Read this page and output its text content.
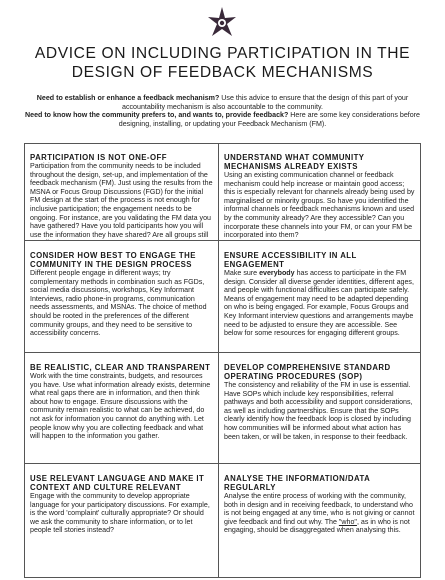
ADVICE ON INCLUDING PARTICIPATION IN THE
DESIGN OF FEEDBACK MECHANISMS

Need to establish or enhance a feedback mechanism? Use this advice to ensure that the design of this part of your accountability mechanism is also accountable to the community.

Need to know how the community prefers to, and wants to, provide feedback? Here are some key considerations before designing, installing, or updating your Feedback Mechanism (FM).

PARTICIPATION IS NOT ONE-OFF

Participation from the community needs to be included throughout the design, set-up, and implementation of the feedback mechanism (FM). Just using the results from the MSNA or Focus Group Discussions (FGD) for the initial FM design at the start of the process is not enough for inclusive participation; the engagement needs to be ongoing. For instance, are you validating the FM data you have gathered? Have you told participants how you will use the information they have shared? Are all groups still

UNDERSTAND WHAT COMMUNITY MECHANISMS ALREADY EXISTS

Using an existing communication channel or feedback mechanism could help increase or maintain good access; this is especially relevant for channels already being used by marginalised or minority groups. So have you identified the informal channels or feedback mechanisms known and used by the community already? Are they accessible? Can you incorporate these channels into your FM, or can your FM be incorporated into them?

CONSIDER HOW BEST TO ENGAGE THE COMMUNITY IN THE DESIGN PROCESS

Different people engage in different ways; try complementary methods in combination such as FGDs, social media discussions, workshops, Key Informant Interviews, radio phone-in programs, communication needs assessments, and MSNAs. The choice of method should be rooted in the preferences of the different community groups, and they need to be sensitive to accessibility concerns.

ENSURE ACCESSIBILITY IN ALL ENGAGEMENT

Make sure everybody has access to participate in the FM design. Consider all diverse gender identities, different ages, and people with functional difficulties can participate safely. Means of engagement may need to be adapted depending on who is being engaged. For example, Focus Groups and Key Informant interview questions and arrangements maybe need to be adjusted to ensure they are accessible. See below for some resources for engaging different groups.

BE REALISTIC, CLEAR AND TRANSPARENT

Work with the time constraints, budgets, and resources you have. Use what information already exists, determine what real gaps there are in information, and then think about how to engage. Ensure discussions with the community remain realistic to what can be achieved, do not ask for information you cannot do anything with. Let people know why you are collecting feedback and what will happen to the information you gather.

DEVELOP COMPREHENSIVE STANDARD OPERATING PROCEDURES (SOP)

The consistency and reliability of the FM in use is essential. Have SOPs which include key responsibilities, referral pathways and both accessibility and support considerations, as well as including partnerships. Ensure that the SOPs clearly identify how the feedback loop is closed by including how communities will be informed about what action has been taken, or will be taken, in response to their feedback.

USE RELEVANT LANGUAGE AND MAKE IT CONTEXT AND CULTURE RELEVANT

Engage with the community to develop appropriate language for your participatory discussions. For example, is the word 'complaint' culturally appropriate? Or should we ask the community to share information, or to let people tell stories instead?

ANALYSE THE INFORMATION/DATA REGULARLY

Analyse the entire process of working with the community, both in design and in receiving feedback, to understand who is not being engaged at any time, who is not giving or cannot give feedback and find out why. The "who", as in who is not engaging, should be disaggregated when analysing this.
